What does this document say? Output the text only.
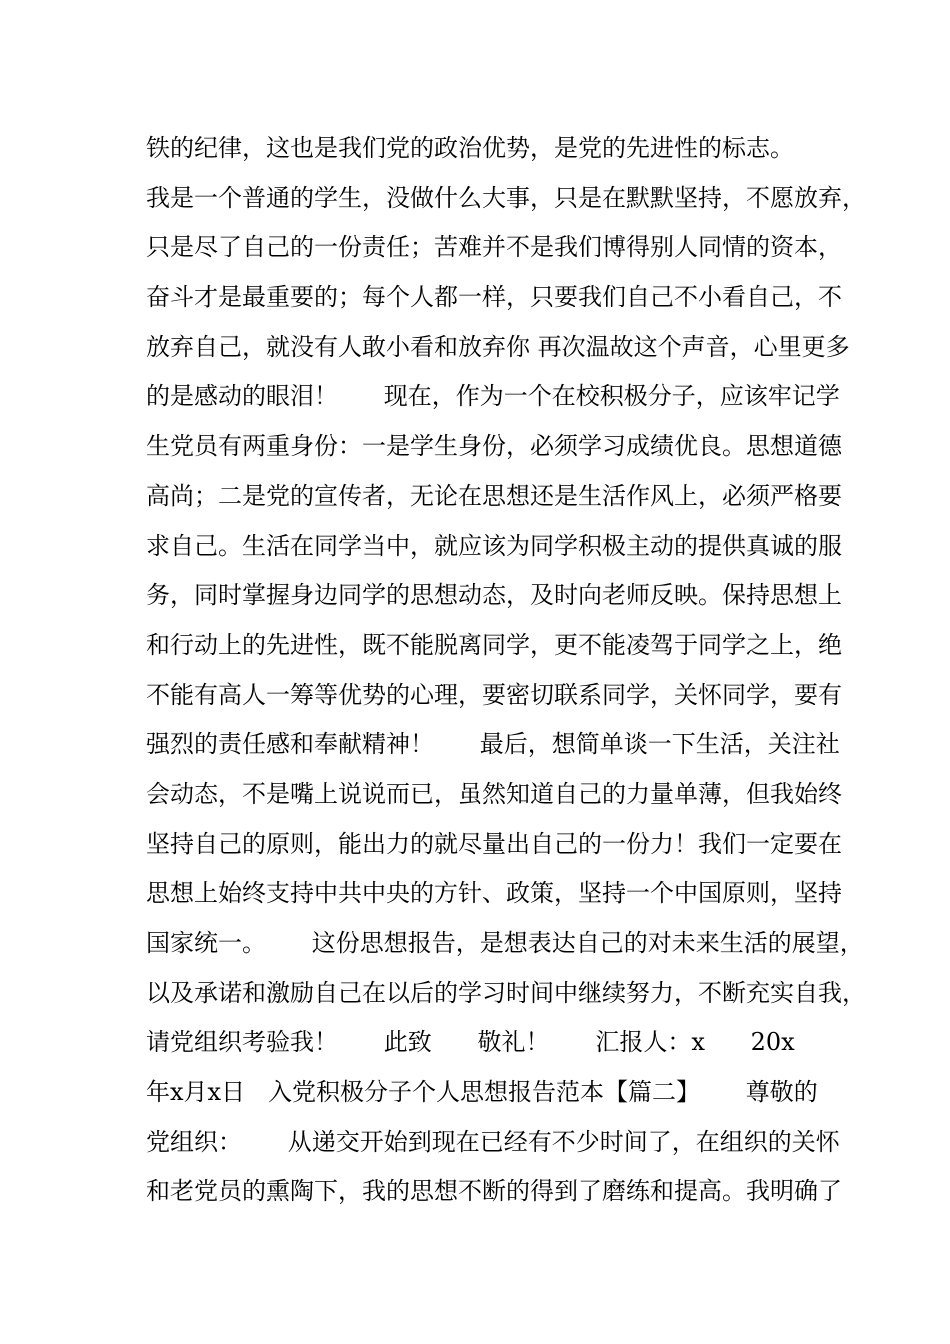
铁的纪律，这也是我们党的政治优势，是党的先进性的标志。
我是一个普通的学生，没做什么大事，只是在默默坚持，不愿放弃，
只是尽了自己的一份责任；苦难并不是我们博得别人同情的资本，
奋斗才是最重要的；每个人都一样，只要我们自己不小看自己，不
放弃自己，就没有人敢小看和放弃你 再次温故这个声音，心里更多
的是感动的眼泪！      现在，作为一个在校积极分子，应该牢记学
生党员有两重身份：一是学生身份，必须学习成绩优良。思想道德
高尚；二是党的宣传者，无论在思想还是生活作风上，必须严格要
求自己。生活在同学当中，就应该为同学积极主动的提供真诚的服
务，同时掌握身边同学的思想动态，及时向老师反映。保持思想上
和行动上的先进性，既不能脱离同学，更不能凌驾于同学之上，绝
不能有高人一筹等优势的心理，要密切联系同学，关怀同学，要有
强烈的责任感和奉献精神！      最后，想简单谈一下生活，关注社
会动态，不是嘴上说说而已，虽然知道自己的力量单薄，但我始终
坚持自己的原则，能出力的就尽量出自己的一份力！我们一定要在
思想上始终支持中共中央的方针、政策，坚持一个中国原则，坚持
国家统一。      这份思想报告，是想表达自己的对未来生活的展望，
以及承诺和激励自己在以后的学习时间中继续努力，不断充实自我，
请党组织考验我！      此致      敬礼！      汇报人：x      20x
年x月x日   入党积极分子个人思想报告范本【篇二】      尊敬的
党组织：      从递交开始到现在已经有不少时间了，在组织的关怀
和老党员的熏陶下，我的思想不断的得到了磨练和提高。我明确了
